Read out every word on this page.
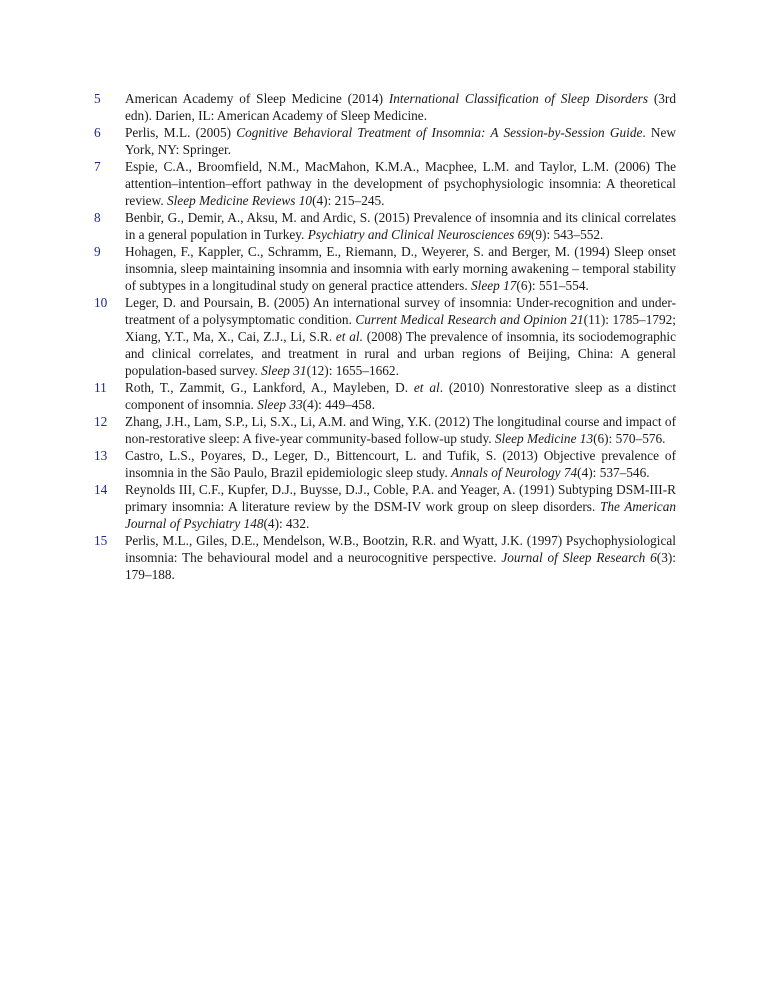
5	American Academy of Sleep Medicine (2014) International Classification of Sleep Disorders (3rd edn). Darien, IL: American Academy of Sleep Medicine.
6	Perlis, M.L. (2005) Cognitive Behavioral Treatment of Insomnia: A Session-by-Session Guide. New York, NY: Springer.
7	Espie, C.A., Broomfield, N.M., MacMahon, K.M.A., Macphee, L.M. and Taylor, L.M. (2006) The attention–intention–effort pathway in the development of psychophysiologic insomnia: A theoretical review. Sleep Medicine Reviews 10(4): 215–245.
8	Benbir, G., Demir, A., Aksu, M. and Ardic, S. (2015) Prevalence of insomnia and its clinical correlates in a general population in Turkey. Psychiatry and Clinical Neurosciences 69(9): 543–552.
9	Hohagen, F., Kappler, C., Schramm, E., Riemann, D., Weyerer, S. and Berger, M. (1994) Sleep onset insomnia, sleep maintaining insomnia and insomnia with early morning awakening – temporal stability of subtypes in a longitudinal study on general practice attenders. Sleep 17(6): 551–554.
10	Leger, D. and Poursain, B. (2005) An international survey of insomnia: Under-recognition and under-treatment of a polysymptomatic condition. Current Medical Research and Opinion 21(11): 1785–1792; Xiang, Y.T., Ma, X., Cai, Z.J., Li, S.R. et al. (2008) The prevalence of insomnia, its sociodemographic and clinical correlates, and treatment in rural and urban regions of Beijing, China: A general population-based survey. Sleep 31(12): 1655–1662.
11	Roth, T., Zammit, G., Lankford, A., Mayleben, D. et al. (2010) Nonrestorative sleep as a distinct component of insomnia. Sleep 33(4): 449–458.
12	Zhang, J.H., Lam, S.P., Li, S.X., Li, A.M. and Wing, Y.K. (2012) The longitudinal course and impact of non-restorative sleep: A five-year community-based follow-up study. Sleep Medicine 13(6): 570–576.
13	Castro, L.S., Poyares, D., Leger, D., Bittencourt, L. and Tufik, S. (2013) Objective prevalence of insomnia in the São Paulo, Brazil epidemiologic sleep study. Annals of Neurology 74(4): 537–546.
14	Reynolds III, C.F., Kupfer, D.J., Buysse, D.J., Coble, P.A. and Yeager, A. (1991) Subtyping DSM-III-R primary insomnia: A literature review by the DSM-IV work group on sleep disorders. The American Journal of Psychiatry 148(4): 432.
15	Perlis, M.L., Giles, D.E., Mendelson, W.B., Bootzin, R.R. and Wyatt, J.K. (1997) Psychophysiological insomnia: The behavioural model and a neurocognitive perspective. Journal of Sleep Research 6(3): 179–188.
